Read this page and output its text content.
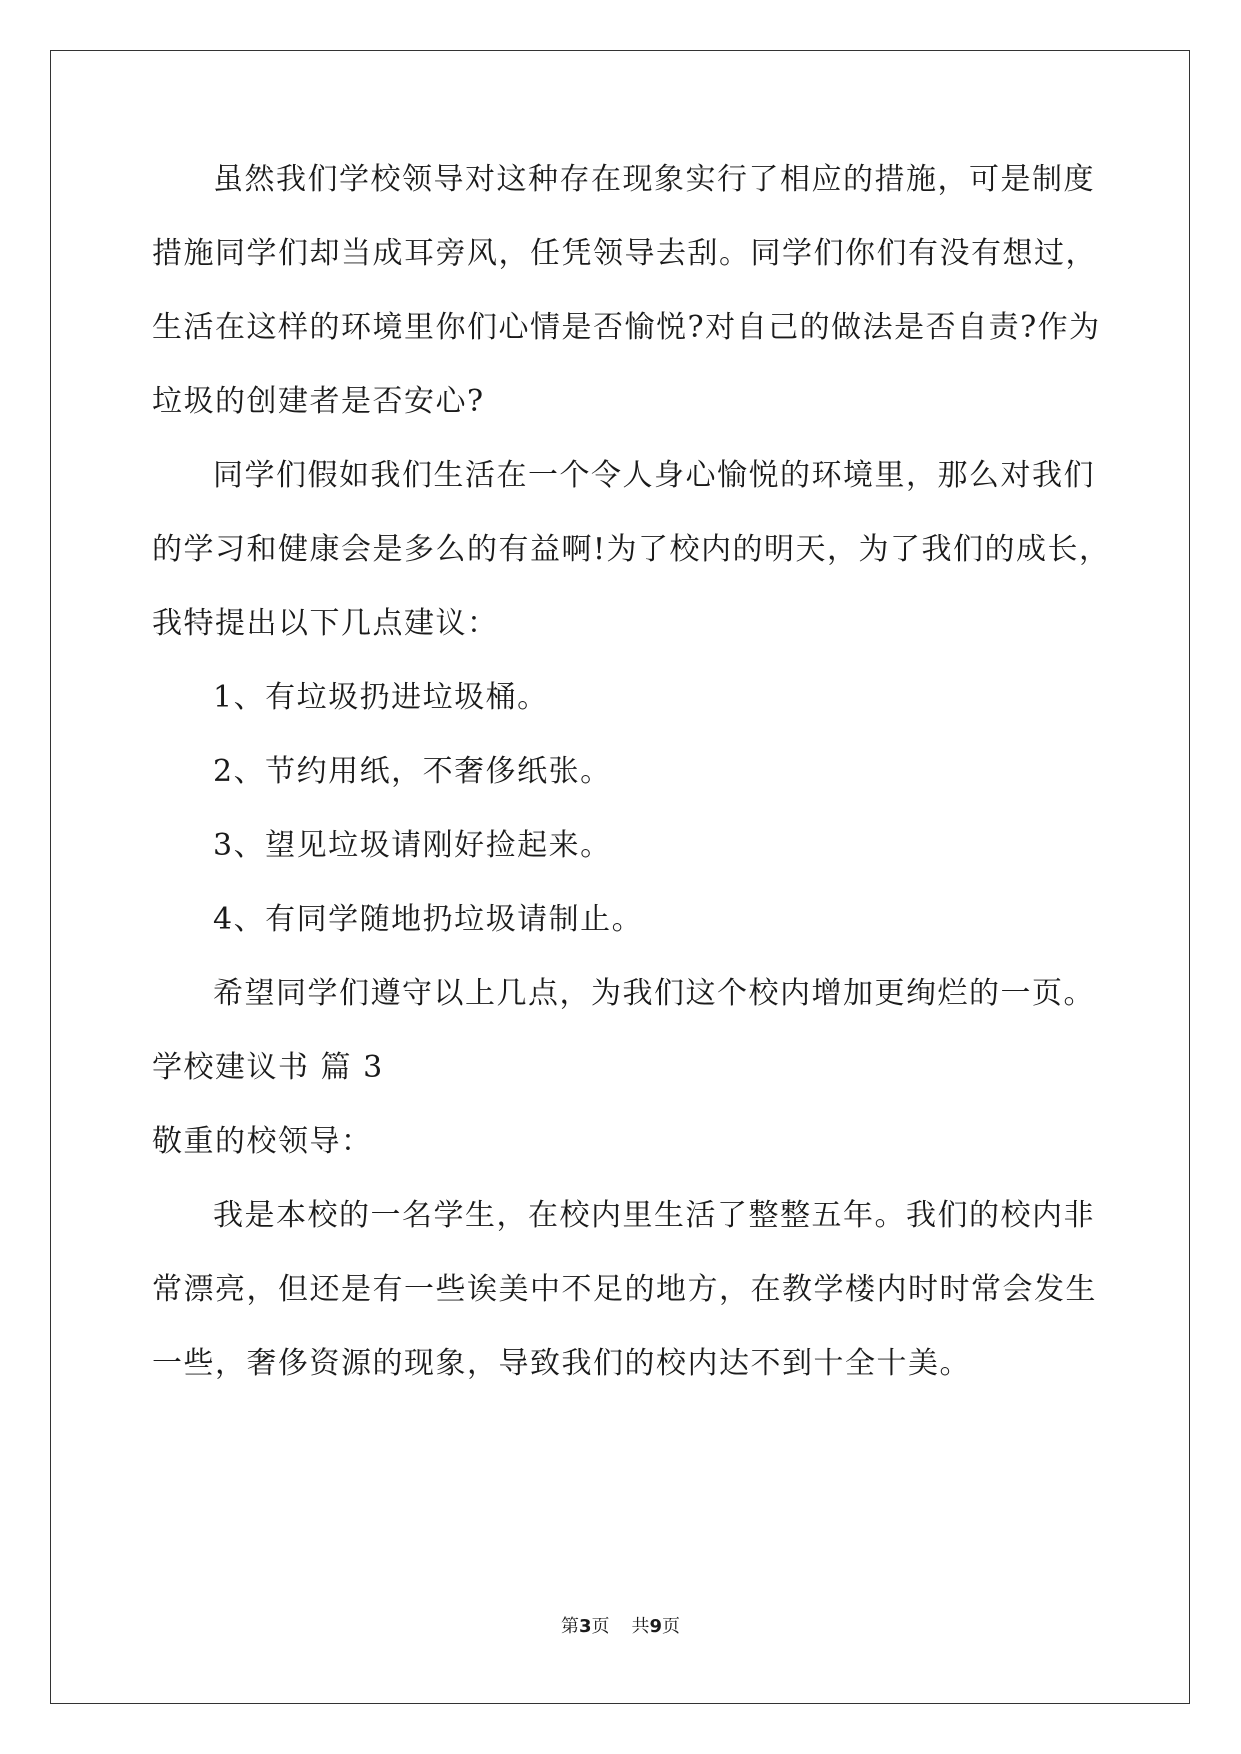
虽然我们学校领导对这种存在现象实行了相应的措施，可是制度
措施同学们却当成耳旁风，任凭领导去刮。同学们你们有没有想过，
生活在这样的环境里你们心情是否愉悦?对自己的做法是否自责?作为
垃圾的创建者是否安心?
同学们假如我们生活在一个令人身心愉悦的环境里，那么对我们
的学习和健康会是多么的有益啊!为了校内的明天，为了我们的成长，
我特提出以下几点建议：
1、有垃圾扔进垃圾桶。
2、节约用纸，不奢侈纸张。
3、望见垃圾请刚好捡起来。
4、有同学随地扔垃圾请制止。
希望同学们遵守以上几点，为我们这个校内增加更绚烂的一页。
学校建议书 篇 3
敬重的校领导：
我是本校的一名学生，在校内里生活了整整五年。我们的校内非
常漂亮，但还是有一些诶美中不足的地方，在教学楼内时时常会发生
一些，奢侈资源的现象，导致我们的校内达不到十全十美。
第3页 共9页
